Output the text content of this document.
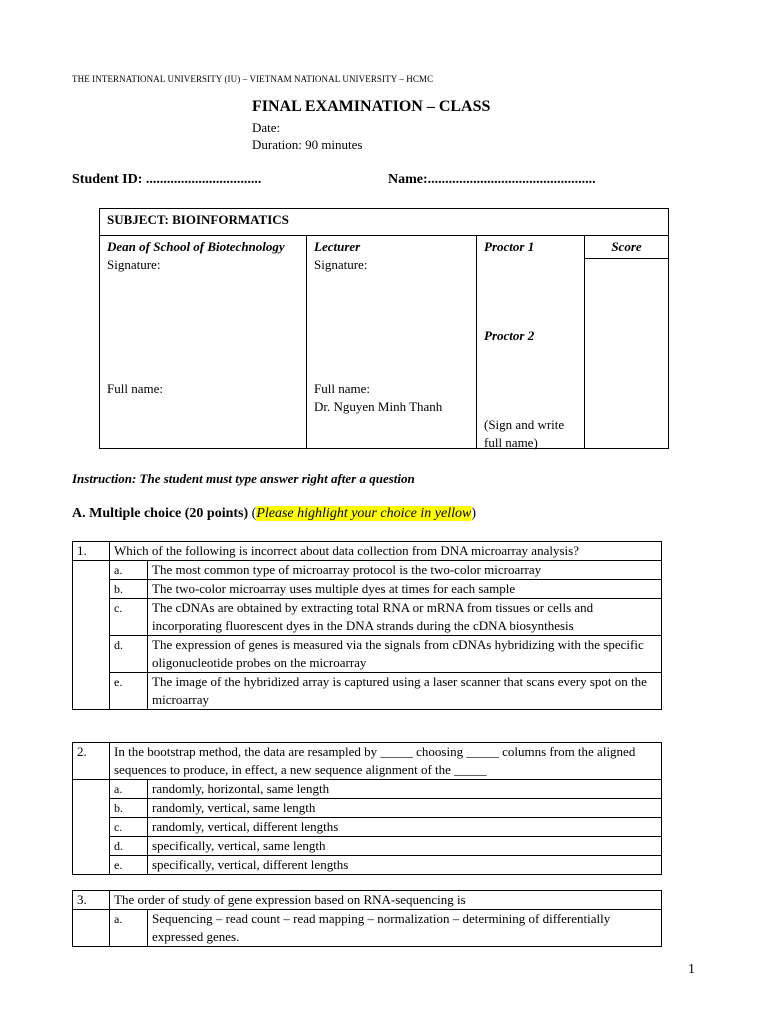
THE INTERNATIONAL UNIVERSITY (IU) – VIETNAM NATIONAL UNIVERSITY – HCMC
FINAL EXAMINATION – CLASS
Date:
Duration: 90 minutes
Student ID: .................................	Name:................................................
SUBJECT: BIOINFORMATICS

Dean of School of Biotechnology
Signature:
Full name:

Lecturer
Signature:
Full name:
Dr. Nguyen Minh Thanh

Proctor 1
Proctor 2
(Sign and write full name)

Score
Instruction: The student must type answer right after a question
A. Multiple choice (20 points) (Please highlight your choice in yellow)
1.	Which of the following is incorrect about data collection from DNA microarray analysis?	
	a.	The most common type of microarray protocol is the two-color microarray
	b.	The two-color microarray uses multiple dyes at times for each sample
	c.	The cDNAs are obtained by extracting total RNA or mRNA from tissues or cells and incorporating fluorescent dyes in the DNA strands during the cDNA biosynthesis
	d.	The expression of genes is measured via the signals from cDNAs hybridizing with the specific oligonucleotide probes on the microarray
	e.	The image of the hybridized array is captured using a laser scanner that scans every spot on the microarray
2.	In the bootstrap method, the data are resampled by _____ choosing _____ columns from the aligned sequences to produce, in effect, a new sequence alignment of the _____	
	a.	randomly, horizontal, same length
	b.	randomly, vertical, same length
	c.	randomly, vertical, different lengths
	d.	specifically, vertical, same length
	e.	specifically, vertical, different lengths
3.	The order of study of gene expression based on RNA-sequencing is	
	a.	Sequencing – read count – read mapping – normalization – determining of differentially expressed genes.
1
